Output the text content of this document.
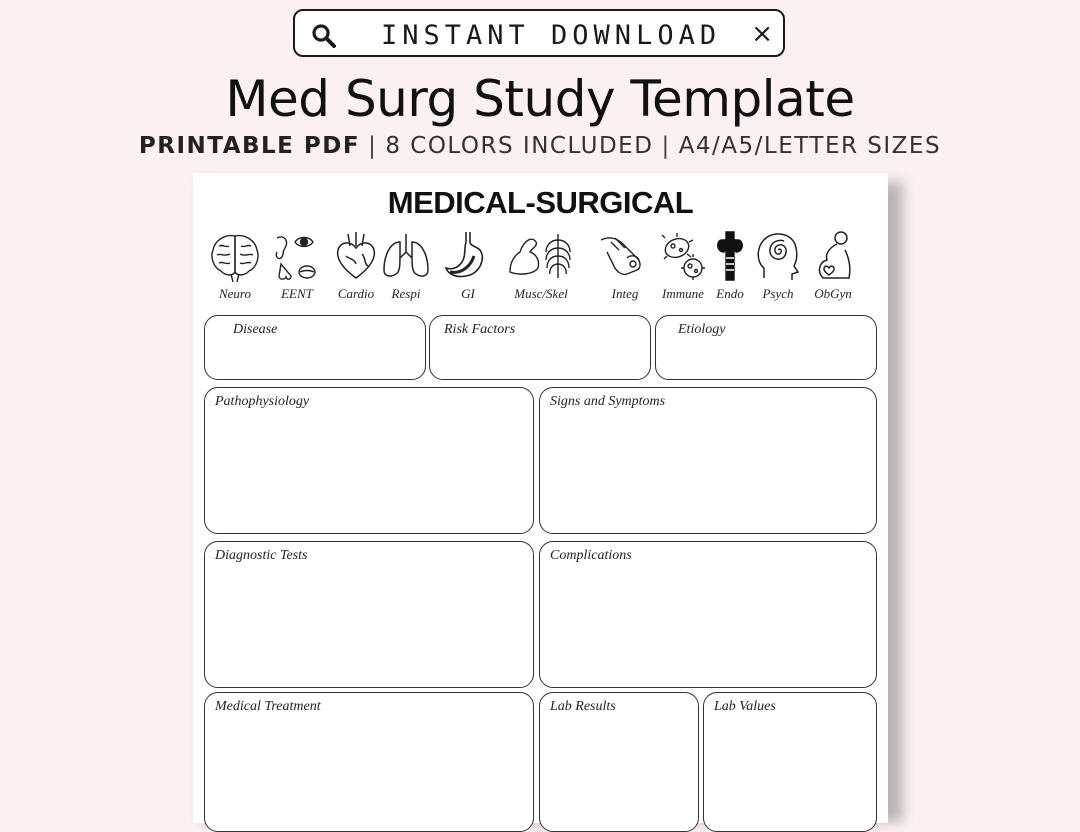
INSTANT DOWNLOAD ×
Med Surg Study Template
PRINTABLE PDF | 8 COLORS INCLUDED | A4/A5/LETTER SIZES
MEDICAL-SURGICAL
Neuro	EENT	Cardio	Respi	GI	Musc/Skel	Integ	Immune Endo	Psych	ObGyn
Disease	Risk Factors	Etiology
Pathophysiology	Signs and Symptoms
Diagnostic Tests	Complications
Medical Treatment	Lab Results	Lab Values
